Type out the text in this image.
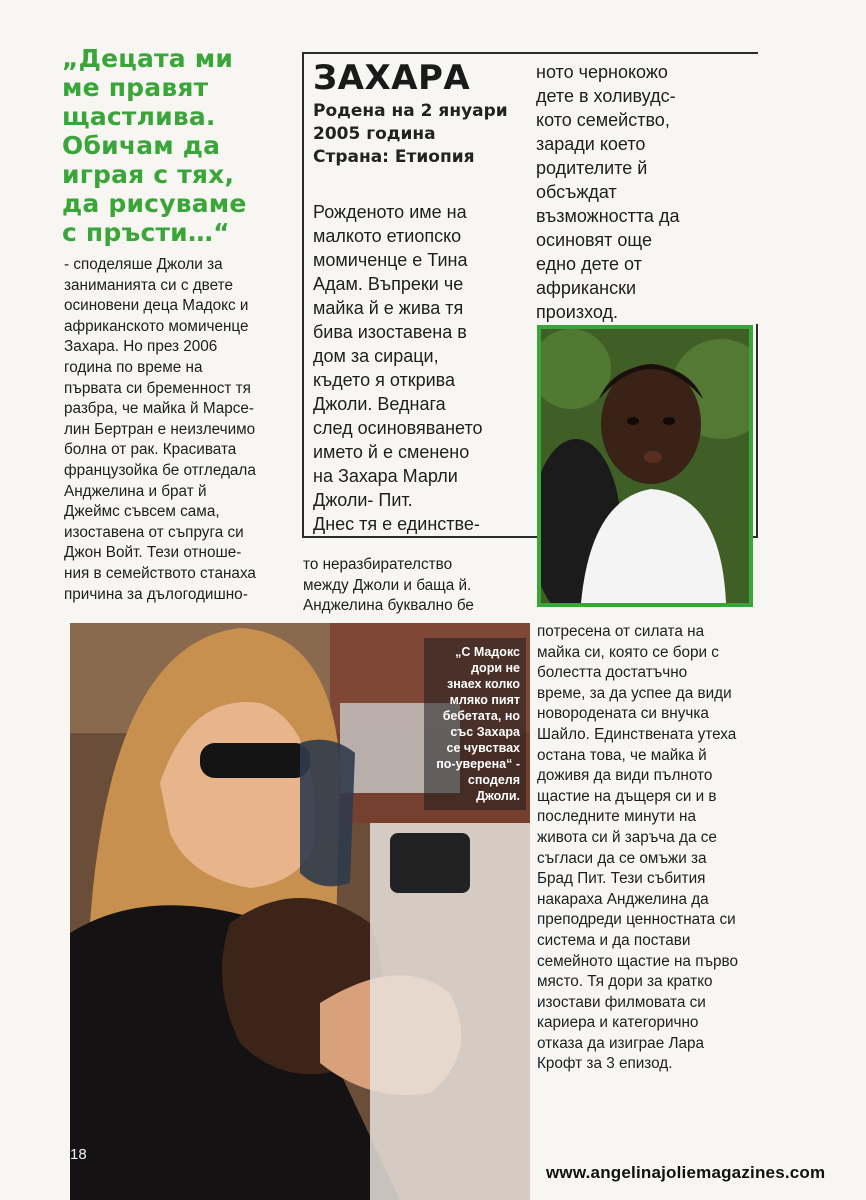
„Децата ми
ме правят
щастлива.
Обичам да
играя с тях,
да рисуваме
с пръсти…“
- споделяше Джоли за
заниманията си с двете
осиновени деца Мадокс и
африканското момиченце
Захара. Но през 2006
година по време на
първата си бременност тя
разбра, че майка й Марсе-
лин Бертран е неизлечимо
болна от рак. Красивата
французойка бе отгледала
Анджелина и брат й
Джеймс съвсем сама,
изоставена от съпруга си
Джон Войт. Тези отноше-
ния в семейството станаха
причина за дълогодишно-
ЗАХАРА
Родена на 2 януари
2005 година
Страна: Етиопия
Рожденото име на
малкото етиопско
момиченце е Тина
Адам. Въпреки че
майка й е жива тя
бива изоставена в
дом за сираци,
където я открива
Джоли. Веднага
след осиновяването
името й е сменено
на Захара Марли
Джоли- Пит.
Днес тя е единстве-
ното чернокожо
дете в холивудс-
кото семейство,
заради което
родителите й
обсъждат
възможността да
осиновят още
едно дете от
африкански
произход.
то неразбирателство
между Джоли и баща й.
Анджелина буквално бе
„С Мадокс
дори не
знаех колко
мляко пият
бебетата, но
със Захара
се чувствах
по-уверена“ -
споделя
Джоли.
потресена от силата на
майка си, която се бори с
болестта достатъчно
време, за да успее да види
новородената си внучка
Шайло. Единствената утеха
остана това, че майка й
доживя да види пълното
щастие на дъщеря си и в
последните минути на
живота си й заръча да се
съгласи да се омъжи за
Брад Пит. Тези събития
накараха Анджелина да
преподреди ценностната си
система и да постави
семейното щастие на първо
място. Тя дори за кратко
изостави филмовата си
кариера и категорично
отказа да изиграе Лара
Крофт за 3 епизод.
18
www.angelinajoliemagazines.com
